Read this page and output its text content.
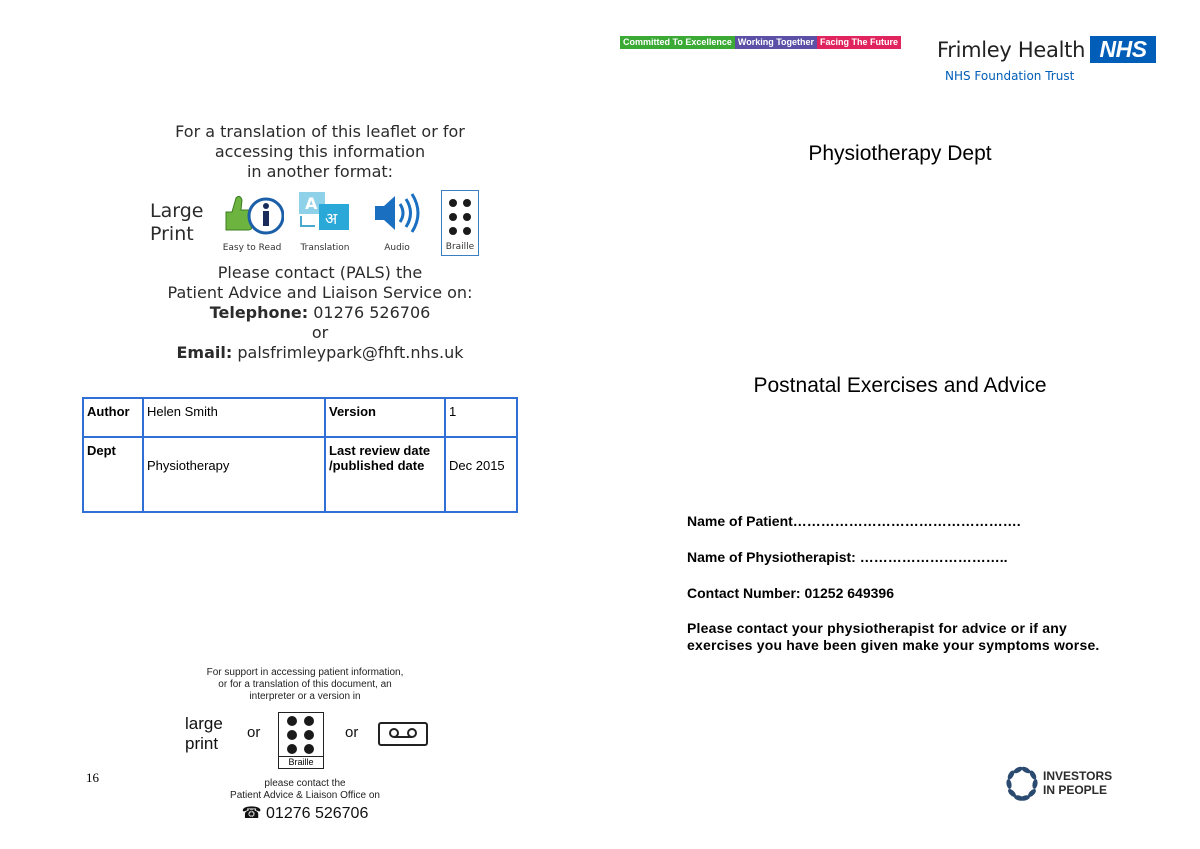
For a translation of this leaflet or for
accessing this information
in another format:
Large
Print
Easy to Read
A
अ
Translation	Audio	Braille
Please contact (PALS) the
Patient Advice and Liaison Service on:
Telephone: 01276 526706
or
Email: palsfrimleypark@fhft.nhs.uk
Author	Helen Smith	Version	1
Dept	Physiotherapy	Last review date
/published date	Dec 2015
For support in accessing patient information,
or for a translation of this document, an
interpreter or a version in
large
print
or
Braille
or
please contact the
Patient Advice & Liaison Office on
☎ 01276 526706
16
Committed To Excellence Working Together Facing The Future Frimley Health NHS
NHS Foundation Trust
Physiotherapy Dept
Postnatal Exercises and Advice

Name of Patient………………………………………….

Name of Physiotherapist: …………………………..

Contact Number: 01252 649396

Please contact your physiotherapist for advice or if any exercises you have been given make your symptoms worse.

INVESTORS
IN PEOPLE
